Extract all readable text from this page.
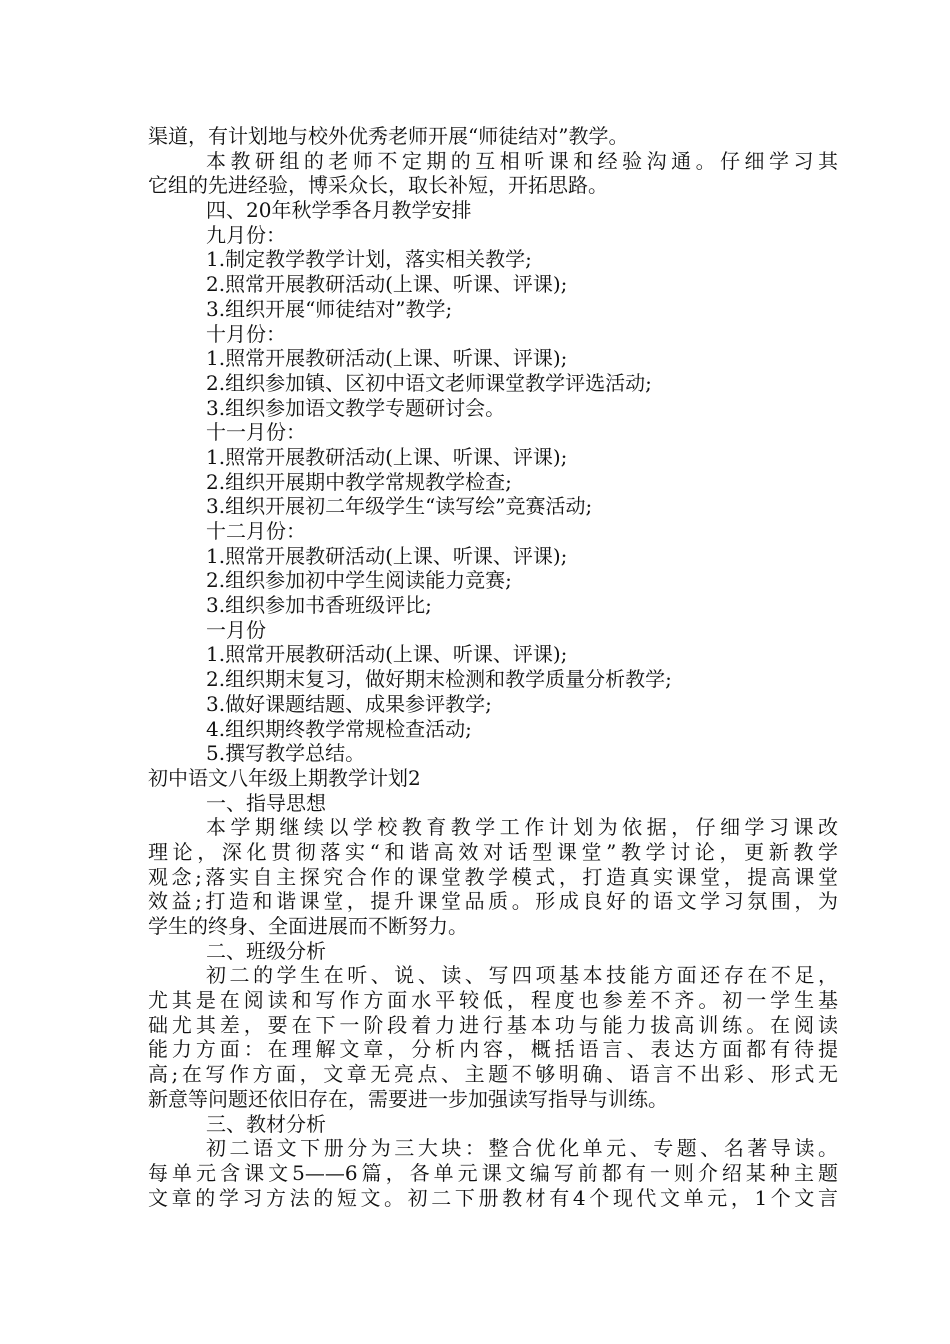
渠道，有计划地与校外优秀老师开展“师徒结对”教学。
本教研组的老师不定期的互相听课和经验沟通。仔细学习其
它组的先进经验，博采众长，取长补短，开拓思路。
四、20年秋学季各月教学安排
九月份：
1.制定教学教学计划，落实相关教学;
2.照常开展教研活动(上课、听课、评课);
3.组织开展“师徒结对”教学;
十月份：
1.照常开展教研活动(上课、听课、评课);
2.组织参加镇、区初中语文老师课堂教学评选活动;
3.组织参加语文教学专题研讨会。
十一月份：
1.照常开展教研活动(上课、听课、评课);
2.组织开展期中教学常规教学检查;
3.组织开展初二年级学生“读写绘”竞赛活动;
十二月份：
1.照常开展教研活动(上课、听课、评课);
2.组织参加初中学生阅读能力竞赛;
3.组织参加书香班级评比;
一月份
1.照常开展教研活动(上课、听课、评课);
2.组织期末复习，做好期末检测和教学质量分析教学;
3.做好课题结题、成果参评教学;
4.组织期终教学常规检查活动;
5.撰写教学总结。
初中语文八年级上期教学计划2
一、指导思想
本学期继续以学校教育教学工作计划为依据，仔细学习课改
理论，深化贯彻落实“和谐高效对话型课堂”教学讨论，更新教学
观念;落实自主探究合作的课堂教学模式，打造真实课堂，提高课堂
效益;打造和谐课堂，提升课堂品质。形成良好的语文学习氛围，为
学生的终身、全面进展而不断努力。
二、班级分析
初二的学生在听、说、读、写四项基本技能方面还存在不足，
尤其是在阅读和写作方面水平较低，程度也参差不齐。初一学生基
础尤其差，要在下一阶段着力进行基本功与能力拔高训练。在阅读
能力方面：在理解文章，分析内容，概括语言、表达方面都有待提
高;在写作方面，文章无亮点、主题不够明确、语言不出彩、形式无
新意等问题还依旧存在，需要进一步加强读写指导与训练。
三、教材分析
初二语文下册分为三大块：整合优化单元、专题、名著导读。
每单元含课文5——6篇，各单元课文编写前都有一则介绍某种主题
文章的学习方法的短文。初二下册教材有4个现代文单元，1个文言
